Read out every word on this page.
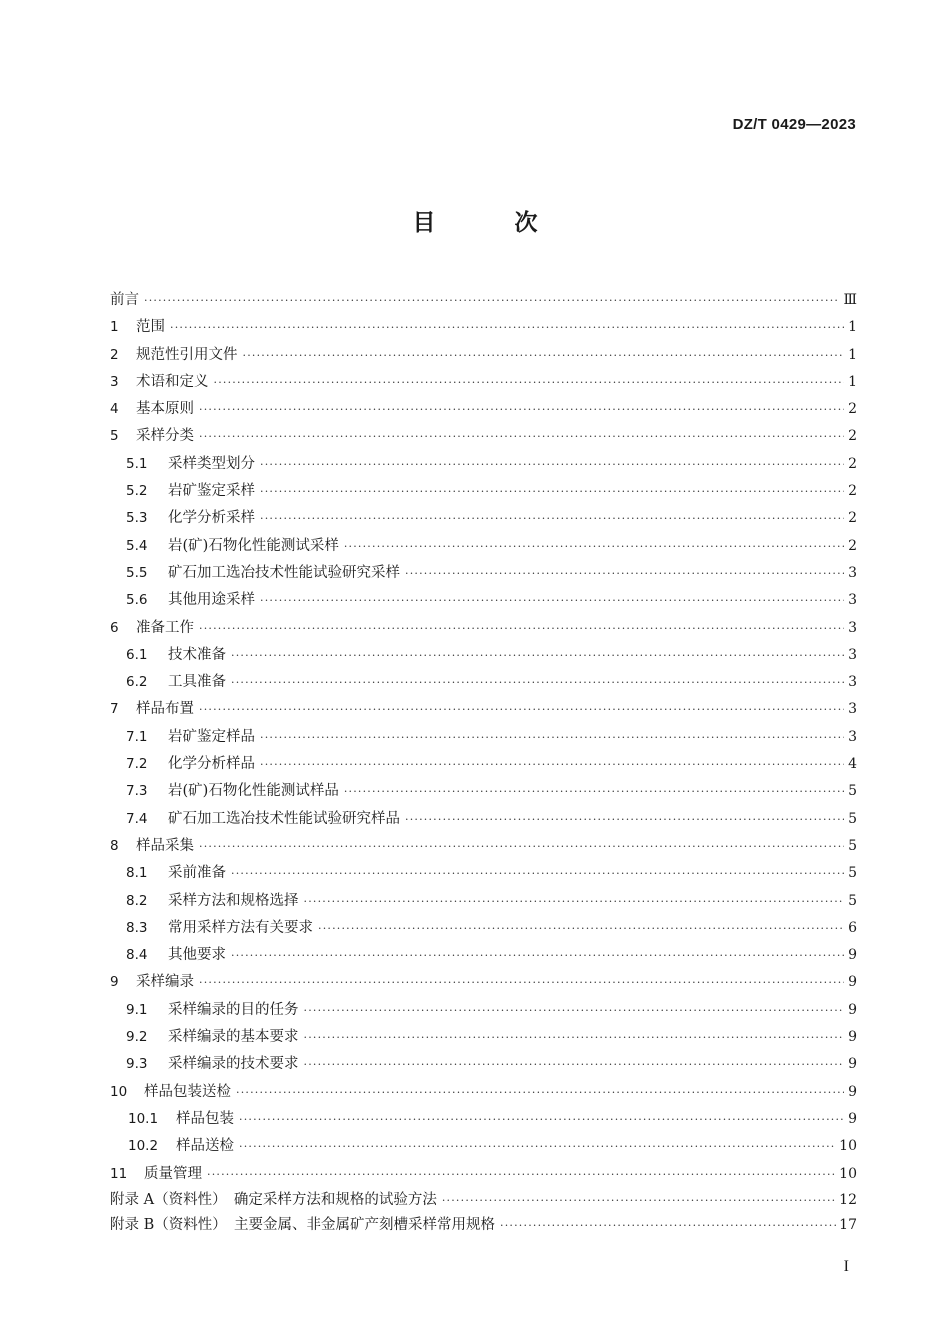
DZ/T 0429—2023
目　次
前言 ·····	Ⅲ
1	范围 ·····	1
2	规范性引用文件 ·····	1
3	术语和定义 ·····	1
4	基本原则 ·····	2
5	采样分类 ·····	2
5.1	采样类型划分 ·····	2
5.2	岩矿鉴定采样 ·····	2
5.3	化学分析采样 ·····	2
5.4	岩(矿)石物化性能测试采样 ·····	2
5.5	矿石加工选冶技术性能试验研究采样 ·····	3
5.6	其他用途采样 ·····	3
6	准备工作 ·····	3
6.1	技术准备 ·····	3
6.2	工具准备 ·····	3
7	样品布置 ·····	3
7.1	岩矿鉴定样品 ·····	3
7.2	化学分析样品 ·····	4
7.3	岩(矿)石物化性能测试样品 ·····	5
7.4	矿石加工选冶技术性能试验研究样品 ·····	5
8	样品采集 ·····	5
8.1	采前准备 ·····	5
8.2	采样方法和规格选择 ·····	5
8.3	常用采样方法有关要求 ·····	6
8.4	其他要求 ·····	9
9	采样编录 ·····	9
9.1	采样编录的目的任务 ·····	9
9.2	采样编录的基本要求 ·····	9
9.3	采样编录的技术要求 ·····	9
10	样品包装送检 ·····	9
10.1	样品包装 ·····	9
10.2	样品送检 ·····	10
11	质量管理 ·····	10
附录 A（资料性）　确定采样方法和规格的试验方法 ·····	12
附录 B（资料性）　主要金属、非金属矿产刻槽采样常用规格 ·····	17
I
